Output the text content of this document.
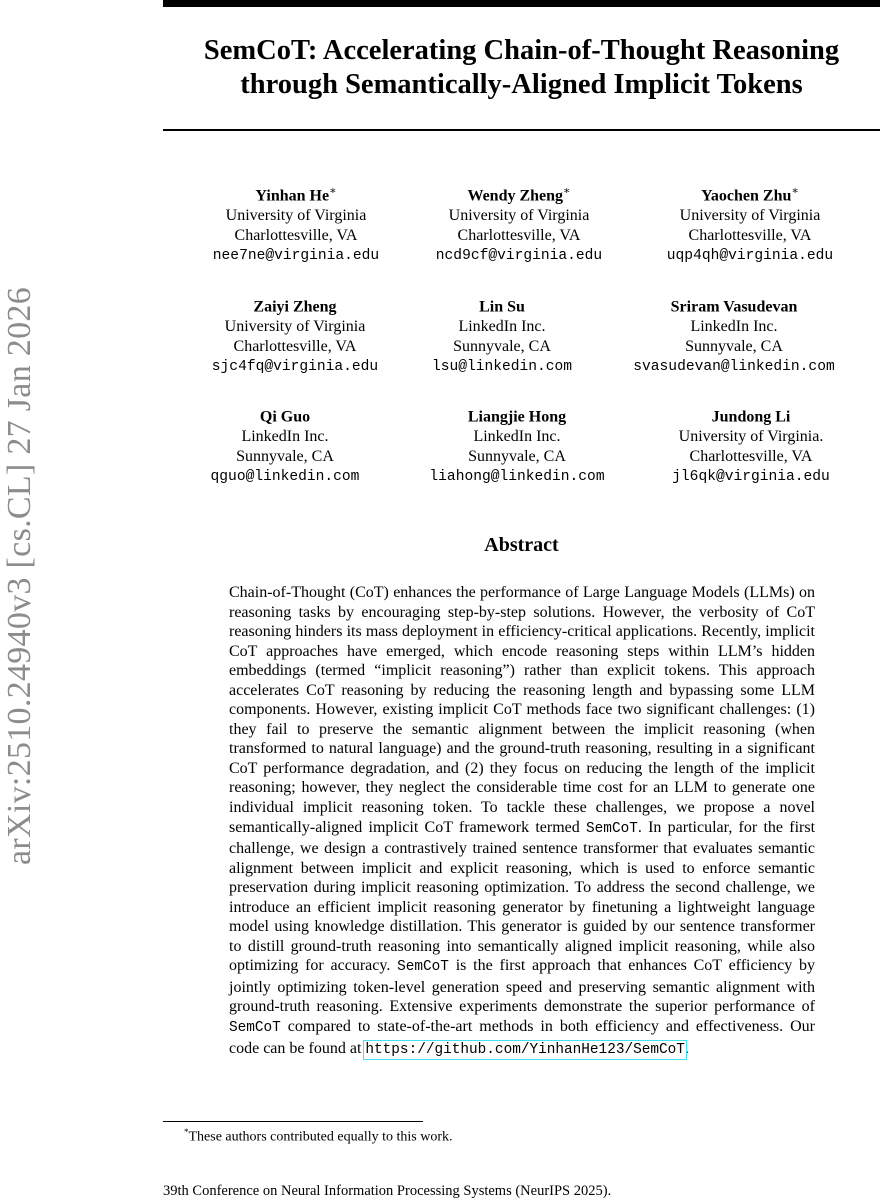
arXiv:2510.24940v3 [cs.CL] 27 Jan 2026
SemCoT: Accelerating Chain-of-Thought Reasoning
through Semantically-Aligned Implicit Tokens
Yinhan He∗
University of Virginia
Charlottesville, VA
nee7ne@virginia.edu
Wendy Zheng∗
University of Virginia
Charlottesville, VA
ncd9cf@virginia.edu
Yaochen Zhu∗
University of Virginia
Charlottesville, VA
uqp4qh@virginia.edu
Zaiyi Zheng
University of Virginia
Charlottesville, VA
sjc4fq@virginia.edu
Lin Su
LinkedIn Inc.
Sunnyvale, CA
lsu@linkedin.com
Sriram Vasudevan
LinkedIn Inc.
Sunnyvale, CA
svasudevan@linkedin.com
Qi Guo
LinkedIn Inc.
Sunnyvale, CA
qguo@linkedin.com
Liangjie Hong
LinkedIn Inc.
Sunnyvale, CA
liahong@linkedin.com
Jundong Li
University of Virginia.
Charlottesville, VA
jl6qk@virginia.edu
Abstract

Chain-of-Thought (CoT) enhances the performance of Large Language Models (LLMs) on reasoning tasks by encouraging step-by-step solutions. However, the verbosity of CoT reasoning hinders its mass deployment in efficiency-critical applications. Recently, implicit CoT approaches have emerged, which encode reasoning steps within LLM’s hidden embeddings (termed “implicit reasoning”) rather than explicit tokens. This approach accelerates CoT reasoning by reducing the reasoning length and bypassing some LLM components. However, existing implicit CoT methods face two significant challenges: (1) they fail to preserve the semantic alignment between the implicit reasoning (when transformed to natural language) and the ground-truth reasoning, resulting in a significant CoT performance degradation, and (2) they focus on reducing the length of the implicit reasoning; however, they neglect the considerable time cost for an LLM to generate one individual implicit reasoning token. To tackle these challenges, we propose a novel semantically-aligned implicit CoT framework termed SemCoT. In particular, for the first challenge, we design a contrastively trained sentence transformer that evaluates semantic alignment between implicit and explicit reasoning, which is used to enforce semantic preservation during implicit reasoning optimization. To address the second challenge, we introduce an efficient implicit reasoning generator by finetuning a lightweight language model using knowledge distillation. This generator is guided by our sentence transformer to distill ground-truth reasoning into semantically aligned implicit reasoning, while also optimizing for accuracy. SemCoT is the first approach that enhances CoT efficiency by jointly optimizing token-level generation speed and preserving semantic alignment with ground-truth reasoning. Extensive experiments demonstrate the superior performance of SemCoT compared to state-of-the-art methods in both efficiency and effectiveness. Our code can be found at https://github.com/YinhanHe123/SemCoT.

*These authors contributed equally to this work.

39th Conference on Neural Information Processing Systems (NeurIPS 2025).
